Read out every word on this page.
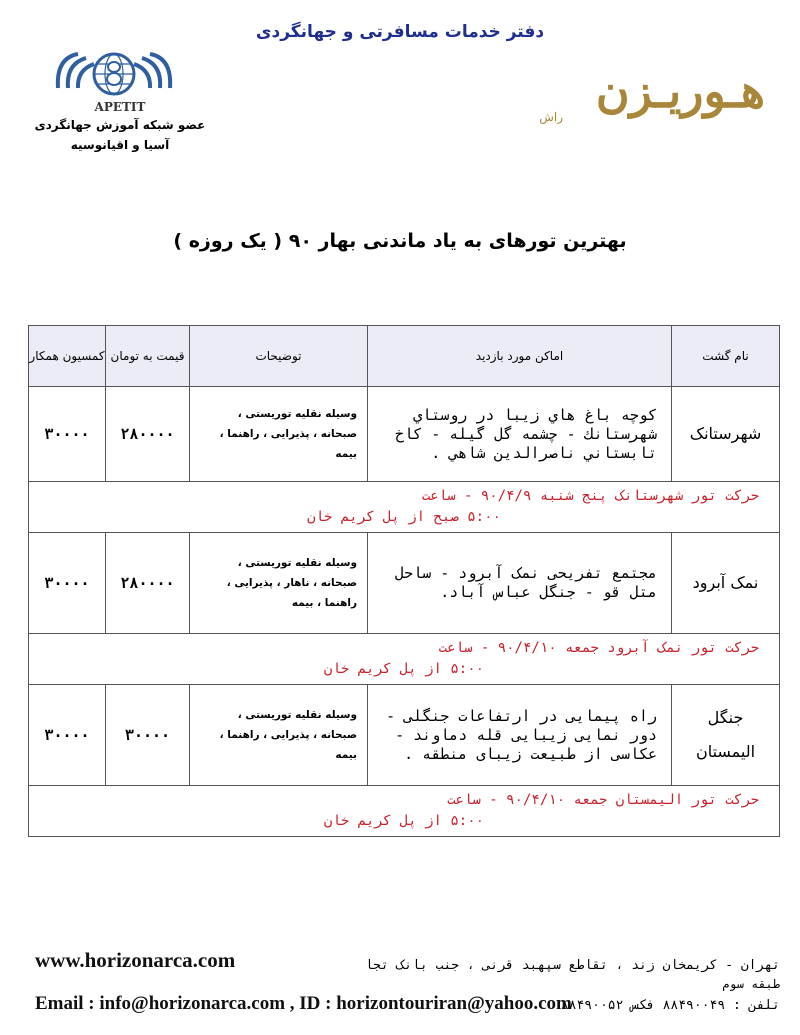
دفتر خدمات مسافرتی و جهانگردی
هـوریـزن
راش
APETIT
عضو شبکه آموزش جهانگردی
آسیا و اقیانوسیه
بهترین تورهای به یاد ماندنی بهار ۹۰ ( یک روزه )
نام گشت
اماکن مورد بازدید
توضیحات
قیمت به تومان
کمسیون همکار
شهرستانک
کوچه باغ هاي زيبا در روستاي شهرستانك - چشمه گل گيله - كاخ تابستاني ناصرالدين شاهي .
وسیله نقلیه توریستی ، صبحانه ، پذیرایی ، راهنما ، بیمه
۲۸۰۰۰۰
۳۰۰۰۰
حرکت تور شهرستانک پنج شنبه ۹۰/۴/۹ - ساعت
۵:۰۰ صبح از پل کریم خان
نمک آبرود
مجتمع تفریحی نمک آبرود - ساحل متل قو - جنگل عباس آباد.
وسیله نقلیه توریستی ، صبحانه ، ناهار ، پذیرایی ، راهنما ، بیمه
۲۸۰۰۰۰
۳۰۰۰۰
حرکت تور نمک آبرود جمعه ۹۰/۴/۱۰ - ساعت
۵:۰۰ از پل کریم خان
جنگل الیمستان
راه پیمایی در ارتفاعات جنگلی - دور نمایی زیبایی قله دماوند - عکاسی از طبیعت زیبای منطقه .
وسیله نقلیه توریستی ، صبحانه ، پذیرایی ، راهنما ، بیمه
۳۰۰۰۰
۳۰۰۰۰
حرکت تور الیمستان جمعه ۹۰/۴/۱۰ - ساعت
۵:۰۰ از پل کریم خان
تهران - کریمخان زند ، تقاطع سپهبد قرنی ، جنب بانک تجا
طبقه سوم
www.horizonarca.com
تلفن : ۸۸۴۹۰۰۴۹ فکس ۸۸۴۹۰۰۵۲
Email : info@horizonarca.com , ID : horizontouriran@yahoo.com
